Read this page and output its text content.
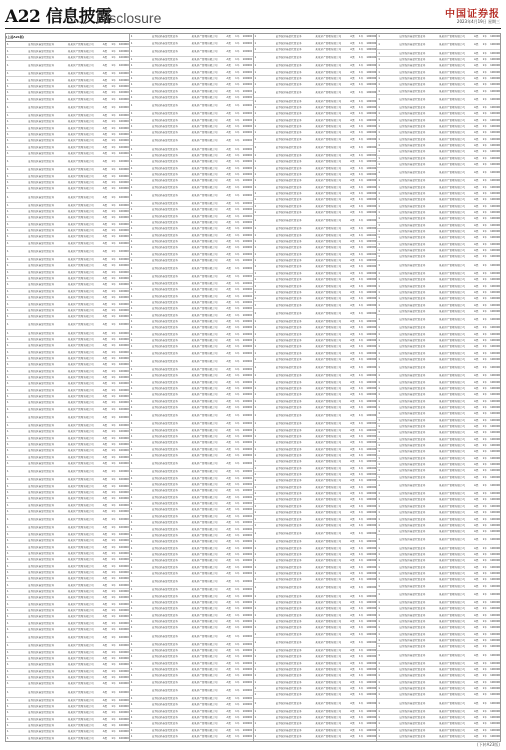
A22 信息披露
Disclosure	中国证券报
2023年4月19日 星期三
(上接A21版)
1	证券投资基金托管业务	某某资产管理有限公司	A类	1年	100000
1	证券投资基金托管业务	某某资产管理有限公司	A类	1年	100000
1	证券投资基金托管业务	某某资产管理有限公司	A类	1年	100000
1	证券投资基金托管业务	某某资产管理有限公司	A类	1年	100000
1	证券投资基金托管业务	某某资产管理有限公司	A类	1年	100000
1	证券投资基金托管业务	某某资产管理有限公司	A类	1年	100000
1	证券投资基金托管业务	某某资产管理有限公司	A类	1年	100000
1	证券投资基金托管业务	某某资产管理有限公司	A类	1年	100000
1	证券投资基金托管业务	某某资产管理有限公司	A类	1年	100000
1	证券投资基金托管业务	某某资产管理有限公司	A类	1年	100000
1	证券投资基金托管业务	某某资产管理有限公司	A类	1年	100000
1	证券投资基金托管业务	某某资产管理有限公司	A类	1年	100000
1	证券投资基金托管业务	某某资产管理有限公司	A类	1年	100000
1	证券投资基金托管业务	某某资产管理有限公司	A类	1年	100000
1	证券投资基金托管业务	某某资产管理有限公司	A类	1年	100000
1	证券投资基金托管业务	某某资产管理有限公司	A类	1年	100000
1	证券投资基金托管业务	某某资产管理有限公司	A类	1年	100000
1	证券投资基金托管业务	某某资产管理有限公司	A类	1年	100000
1	证券投资基金托管业务	某某资产管理有限公司	A类	1年	100000
1	证券投资基金托管业务	某某资产管理有限公司	A类	1年	100000
1	证券投资基金托管业务	某某资产管理有限公司	A类	1年	100000
1	证券投资基金托管业务	某某资产管理有限公司	A类	1年	100000
1	证券投资基金托管业务	某某资产管理有限公司	A类	1年	100000
1	证券投资基金托管业务	某某资产管理有限公司	A类	1年	100000
1	证券投资基金托管业务	某某资产管理有限公司	A类	1年	100000
1	证券投资基金托管业务	某某资产管理有限公司	A类	1年	100000
1	证券投资基金托管业务	某某资产管理有限公司	A类	1年	100000
1	证券投资基金托管业务	某某资产管理有限公司	A类	1年	100000
1	证券投资基金托管业务	某某资产管理有限公司	A类	1年	100000
1	证券投资基金托管业务	某某资产管理有限公司	A类	1年	100000
1	证券投资基金托管业务	某某资产管理有限公司	A类	1年	100000
1	证券投资基金托管业务	某某资产管理有限公司	A类	1年	100000
1	证券投资基金托管业务	某某资产管理有限公司	A类	1年	100000
1	证券投资基金托管业务	某某资产管理有限公司	A类	1年	100000
1	证券投资基金托管业务	某某资产管理有限公司	A类	1年	100000
1	证券投资基金托管业务	某某资产管理有限公司	A类	1年	100000
1	证券投资基金托管业务	某某资产管理有限公司	A类	1年	100000
1	证券投资基金托管业务	某某资产管理有限公司	A类	1年	100000
1	证券投资基金托管业务	某某资产管理有限公司	A类	1年	100000
1	证券投资基金托管业务	某某资产管理有限公司	A类	1年	100000
1	证券投资基金托管业务	某某资产管理有限公司	A类	1年	100000
1	证券投资基金托管业务	某某资产管理有限公司	A类	1年	100000
1	证券投资基金托管业务	某某资产管理有限公司	A类	1年	100000
1	证券投资基金托管业务	某某资产管理有限公司	A类	1年	100000
1	证券投资基金托管业务	某某资产管理有限公司	A类	1年	100000
1	证券投资基金托管业务	某某资产管理有限公司	A类	1年	100000
1	证券投资基金托管业务	某某资产管理有限公司	A类	1年	100000
1	证券投资基金托管业务	某某资产管理有限公司	A类	1年	100000
1	证券投资基金托管业务	某某资产管理有限公司	A类	1年	100000
1	证券投资基金托管业务	某某资产管理有限公司	A类	1年	100000
1	证券投资基金托管业务	某某资产管理有限公司	A类	1年	100000
1	证券投资基金托管业务	某某资产管理有限公司	A类	1年	100000
1	证券投资基金托管业务	某某资产管理有限公司	A类	1年	100000
1	证券投资基金托管业务	某某资产管理有限公司	A类	1年	100000
1	证券投资基金托管业务	某某资产管理有限公司	A类	1年	100000
1	证券投资基金托管业务	某某资产管理有限公司	A类	1年	100000
1	证券投资基金托管业务	某某资产管理有限公司	A类	1年	100000
1	证券投资基金托管业务	某某资产管理有限公司	A类	1年	100000
1	证券投资基金托管业务	某某资产管理有限公司	A类	1年	100000
1	证券投资基金托管业务	某某资产管理有限公司	A类	1年	100000
1	证券投资基金托管业务	某某资产管理有限公司	A类	1年	100000
1	证券投资基金托管业务	某某资产管理有限公司	A类	1年	100000
1	证券投资基金托管业务	某某资产管理有限公司	A类	1年	100000
1	证券投资基金托管业务	某某资产管理有限公司	A类	1年	100000
1	证券投资基金托管业务	某某资产管理有限公司	A类	1年	100000
1	证券投资基金托管业务	某某资产管理有限公司	A类	1年	100000
1	证券投资基金托管业务	某某资产管理有限公司	A类	1年	100000
1	证券投资基金托管业务	某某资产管理有限公司	A类	1年	100000
1	证券投资基金托管业务	某某资产管理有限公司	A类	1年	100000
1	证券投资基金托管业务	某某资产管理有限公司	A类	1年	100000
1	证券投资基金托管业务	某某资产管理有限公司	A类	1年	100000
1	证券投资基金托管业务	某某资产管理有限公司	A类	1年	100000
1	证券投资基金托管业务	某某资产管理有限公司	A类	1年	100000
1	证券投资基金托管业务	某某资产管理有限公司	A类	1年	100000
1	证券投资基金托管业务	某某资产管理有限公司	A类	1年	100000
1	证券投资基金托管业务	某某资产管理有限公司	A类	1年	100000
1	证券投资基金托管业务	某某资产管理有限公司	A类	1年	100000
1	证券投资基金托管业务	某某资产管理有限公司	A类	1年	100000
1	证券投资基金托管业务	某某资产管理有限公司	A类	1年	100000
1	证券投资基金托管业务	某某资产管理有限公司	A类	1年	100000
1	证券投资基金托管业务	某某资产管理有限公司	A类	1年	100000
1	证券投资基金托管业务	某某资产管理有限公司	A类	1年	100000
1	证券投资基金托管业务	某某资产管理有限公司	A类	1年	100000
1	证券投资基金托管业务	某某资产管理有限公司	A类	1年	100000
1	证券投资基金托管业务	某某资产管理有限公司	A类	1年	100000
1	证券投资基金托管业务	某某资产管理有限公司	A类	1年	100000
1	证券投资基金托管业务	某某资产管理有限公司	A类	1年	100000
1	证券投资基金托管业务	某某资产管理有限公司	A类	1年	100000
1	证券投资基金托管业务	某某资产管理有限公司	A类	1年	100000
1	证券投资基金托管业务	某某资产管理有限公司	A类	1年	100000
1	证券投资基金托管业务	某某资产管理有限公司	A类	1年	100000
1	证券投资基金托管业务	某某资产管理有限公司	A类	1年	100000
1	证券投资基金托管业务	某某资产管理有限公司	A类	1年	100000
1	证券投资基金托管业务	某某资产管理有限公司	A类	1年	100000
1	证券投资基金托管业务	某某资产管理有限公司	A类	1年	100000
1	证券投资基金托管业务	某某资产管理有限公司	A类	1年	100000
1	证券投资基金托管业务	某某资产管理有限公司	A类	1年	100000
1	证券投资基金托管业务	某某资产管理有限公司	A类	1年	100000
1	证券投资基金托管业务	某某资产管理有限公司	A类	1年	100000
1	证券投资基金托管业务	某某资产管理有限公司	A类	1年	100000
1	证券投资基金托管业务	某某资产管理有限公司	A类	1年	100000
1	证券投资基金托管业务	某某资产管理有限公司	A类	1年	100000
1	证券投资基金托管业务	某某资产管理有限公司	A类	1年	100000
1	证券投资基金托管业务	某某资产管理有限公司	A类	1年	100000
1	证券投资基金托管业务	某某资产管理有限公司	A类	1年	100000
1	证券投资基金托管业务	某某资产管理有限公司	A类	1年	100000
1	证券投资基金托管业务	某某资产管理有限公司	A类	1年	100000
1	证券投资基金托管业务	某某资产管理有限公司	A类	1年	100000
1	证券投资基金托管业务	某某资产管理有限公司	A类	1年	100000
1	证券投资基金托管业务	某某资产管理有限公司	A类	1年	100000
1	证券投资基金托管业务	某某资产管理有限公司	A类	1年	100000
1	证券投资基金托管业务	某某资产管理有限公司	A类	1年	100000
1	证券投资基金托管业务	某某资产管理有限公司	A类	1年	100000
1	证券投资基金托管业务	某某资产管理有限公司	A类	1年	100000
1	证券投资基金托管业务	某某资产管理有限公司	A类	1年	100000
1	证券投资基金托管业务	某某资产管理有限公司	A类	1年	100000
1	证券投资基金托管业务	某某资产管理有限公司	A类	1年	100000
1	证券投资基金托管业务	某某资产管理有限公司	A类	1年	100000
1	证券投资基金托管业务	某某资产管理有限公司	A类	1年	100000
1	证券投资基金托管业务	某某资产管理有限公司	A类	1年	100000
1	证券投资基金托管业务	某某资产管理有限公司	A类	1年	100000
1	证券投资基金托管业务	某某资产管理有限公司	A类	1年	100000
1	证券投资基金托管业务	某某资产管理有限公司	A类	1年	100000
1	证券投资基金托管业务	某某资产管理有限公司	A类	1年	100000
1	证券投资基金托管业务	某某资产管理有限公司	A类	1年	100000
1	证券投资基金托管业务	某某资产管理有限公司	A类	1年	100000
1	证券投资基金托管业务	某某资产管理有限公司	A类	1年	100000
1	证券投资基金托管业务	某某资产管理有限公司	A类	1年	100000
1	证券投资基金托管业务	某某资产管理有限公司	A类	1年	100000
1	证券投资基金托管业务	某某资产管理有限公司	A类	1年	100000
1	证券投资基金托管业务	某某资产管理有限公司	A类	1年	100000
1	证券投资基金托管业务	某某资产管理有限公司	A类	1年	100000
1	证券投资基金托管业务	某某资产管理有限公司	A类	1年	100000
1	证券投资基金托管业务	某某资产管理有限公司	A类	1年	100000
1	证券投资基金托管业务	某某资产管理有限公司	A类	1年	100000
1	证券投资基金托管业务	某某资产管理有限公司	A类	1年	100000
1	证券投资基金托管业务	某某资产管理有限公司	A类	1年	100000
1	证券投资基金托管业务	某某资产管理有限公司	A类	1年	100000
1	证券投资基金托管业务	某某资产管理有限公司	A类	1年	100000
1	证券投资基金托管业务	某某资产管理有限公司	A类	1年	100000
1	证券投资基金托管业务	某某资产管理有限公司	A类	1年	100000
1	证券投资基金托管业务	某某资产管理有限公司	A类	1年	100000
1	证券投资基金托管业务	某某资产管理有限公司	A类	1年	100000
1	证券投资基金托管业务	某某资产管理有限公司	A类	1年	100000
1	证券投资基金托管业务	某某资产管理有限公司	A类	1年	100000
1	证券投资基金托管业务	某某资产管理有限公司	A类	1年	100000
1	证券投资基金托管业务	某某资产管理有限公司	A类	1年	100000
1	证券投资基金托管业务	某某资产管理有限公司	A类	1年	100000
1	证券投资基金托管业务	某某资产管理有限公司	A类	1年	100000
1	证券投资基金托管业务	某某资产管理有限公司	A类	1年	100000
1	证券投资基金托管业务	某某资产管理有限公司	A类	1年	100000
1	证券投资基金托管业务	某某资产管理有限公司	A类	1年	100000
1	证券投资基金托管业务	某某资产管理有限公司	A类	1年	100000
1	证券投资基金托管业务	某某资产管理有限公司	A类	1年	100000
1	证券投资基金托管业务	某某资产管理有限公司	A类	1年	100000
1	证券投资基金托管业务	某某资产管理有限公司	A类	1年	100000
1	证券投资基金托管业务	某某资产管理有限公司	A类	1年	100000
1	证券投资基金托管业务	某某资产管理有限公司	A类	1年	100000
1	证券投资基金托管业务	某某资产管理有限公司	A类	1年	100000
1	证券投资基金托管业务	某某资产管理有限公司	A类	1年	100000
1	证券投资基金托管业务	某某资产管理有限公司	A类	1年	100000
1	证券投资基金托管业务	某某资产管理有限公司	A类	1年	100000
1	证券投资基金托管业务	某某资产管理有限公司	A类	1年	100000
1	证券投资基金托管业务	某某资产管理有限公司	A类	1年	100000
1	证券投资基金托管业务	某某资产管理有限公司	A类	1年	100000
1	证券投资基金托管业务	某某资产管理有限公司	A类	1年	100000
1	证券投资基金托管业务	某某资产管理有限公司	A类	1年	100000
1	证券投资基金托管业务	某某资产管理有限公司	A类	1年	100000
1	证券投资基金托管业务	某某资产管理有限公司	A类	1年	100000
1	证券投资基金托管业务	某某资产管理有限公司	A类	1年	100000
1	证券投资基金托管业务	某某资产管理有限公司	A类	1年	100000
1	证券投资基金托管业务	某某资产管理有限公司	A类	1年	100000
1	证券投资基金托管业务	某某资产管理有限公司	A类	1年	100000
1	证券投资基金托管业务	某某资产管理有限公司	A类	1年	100000
1	证券投资基金托管业务	某某资产管理有限公司	A类	1年	100000
1	证券投资基金托管业务	某某资产管理有限公司	A类	1年	100000
1	证券投资基金托管业务	某某资产管理有限公司	A类	1年	100000
1	证券投资基金托管业务	某某资产管理有限公司	A类	1年	100000
1	证券投资基金托管业务	某某资产管理有限公司	A类	1年	100000
1	证券投资基金托管业务	某某资产管理有限公司	A类	1年	100000
1	证券投资基金托管业务	某某资产管理有限公司	A类	1年	100000
1	证券投资基金托管业务	某某资产管理有限公司	A类	1年	100000
1	证券投资基金托管业务	某某资产管理有限公司	A类	1年	100000
1	证券投资基金托管业务	某某资产管理有限公司	A类	1年	100000
1	证券投资基金托管业务	某某资产管理有限公司	A类	1年	100000
1	证券投资基金托管业务	某某资产管理有限公司	A类	1年	100000
1	证券投资基金托管业务	某某资产管理有限公司	A类	1年	100000
1	证券投资基金托管业务	某某资产管理有限公司	A类	1年	100000
1	证券投资基金托管业务	某某资产管理有限公司	A类	1年	100000
1	证券投资基金托管业务	某某资产管理有限公司	A类	1年	100000
1	证券投资基金托管业务	某某资产管理有限公司	A类	1年	100000
1	证券投资基金托管业务	某某资产管理有限公司	A类	1年	100000
1	证券投资基金托管业务	某某资产管理有限公司	A类	1年	100000
1	证券投资基金托管业务	某某资产管理有限公司	A类	1年	100000
1	证券投资基金托管业务	某某资产管理有限公司	A类	1年	100000
1	证券投资基金托管业务	某某资产管理有限公司	A类	1年	100000
1	证券投资基金托管业务	某某资产管理有限公司	A类	1年	100000
1	证券投资基金托管业务	某某资产管理有限公司	A类	1年	100000
1	证券投资基金托管业务	某某资产管理有限公司	A类	1年	100000
1	证券投资基金托管业务	某某资产管理有限公司	A类	1年	100000
1	证券投资基金托管业务	某某资产管理有限公司	A类	1年	100000
1	证券投资基金托管业务	某某资产管理有限公司	A类	1年	100000
1	证券投资基金托管业务	某某资产管理有限公司	A类	1年	100000
1	证券投资基金托管业务	某某资产管理有限公司	A类	1年	100000
1	证券投资基金托管业务	某某资产管理有限公司	A类	1年	100000
1	证券投资基金托管业务	某某资产管理有限公司	A类	1年	100000
1	证券投资基金托管业务	某某资产管理有限公司	A类	1年	100000
1	证券投资基金托管业务	某某资产管理有限公司	A类	1年	100000
1	证券投资基金托管业务	某某资产管理有限公司	A类	1年	100000
1	证券投资基金托管业务	某某资产管理有限公司	A类	1年	100000
1	证券投资基金托管业务	某某资产管理有限公司	A类	1年	100000
1	证券投资基金托管业务	某某资产管理有限公司	A类	1年	100000
1	证券投资基金托管业务	某某资产管理有限公司	A类	1年	100000
1	证券投资基金托管业务	某某资产管理有限公司	A类	1年	100000
1	证券投资基金托管业务	某某资产管理有限公司	A类	1年	100000
1	证券投资基金托管业务	某某资产管理有限公司	A类	1年	100000
1	证券投资基金托管业务	某某资产管理有限公司	A类	1年	100000
1	证券投资基金托管业务	某某资产管理有限公司	A类	1年	100000
1	证券投资基金托管业务	某某资产管理有限公司	A类	1年	100000
1	证券投资基金托管业务	某某资产管理有限公司	A类	1年	100000
1	证券投资基金托管业务	某某资产管理有限公司	A类	1年	100000
1	证券投资基金托管业务	某某资产管理有限公司	A类	1年	100000
1	证券投资基金托管业务	某某资产管理有限公司	A类	1年	100000
1	证券投资基金托管业务	某某资产管理有限公司	A类	1年	100000
1	证券投资基金托管业务	某某资产管理有限公司	A类	1年	100000
1	证券投资基金托管业务	某某资产管理有限公司	A类	1年	100000
1	证券投资基金托管业务	某某资产管理有限公司	A类	1年	100000
1	证券投资基金托管业务	某某资产管理有限公司	A类	1年	100000
1	证券投资基金托管业务	某某资产管理有限公司	A类	1年	100000
1	证券投资基金托管业务	某某资产管理有限公司	A类	1年	100000
1	证券投资基金托管业务	某某资产管理有限公司	A类	1年	100000
1	证券投资基金托管业务	某某资产管理有限公司	A类	1年	100000
1	证券投资基金托管业务	某某资产管理有限公司	A类	1年	100000
1	证券投资基金托管业务	某某资产管理有限公司	A类	1年	100000
1	证券投资基金托管业务	某某资产管理有限公司	A类	1年	100000
1	证券投资基金托管业务	某某资产管理有限公司	A类	1年	100000
1	证券投资基金托管业务	某某资产管理有限公司	A类	1年	100000
1	证券投资基金托管业务	某某资产管理有限公司	A类	1年	100000
1	证券投资基金托管业务	某某资产管理有限公司	A类	1年	100000
1	证券投资基金托管业务	某某资产管理有限公司	A类	1年	100000
1	证券投资基金托管业务	某某资产管理有限公司	A类	1年	100000
1	证券投资基金托管业务	某某资产管理有限公司	A类	1年	100000
1	证券投资基金托管业务	某某资产管理有限公司	A类	1年	100000
1	证券投资基金托管业务	某某资产管理有限公司	A类	1年	100000
1	证券投资基金托管业务	某某资产管理有限公司	A类	1年	100000
1	证券投资基金托管业务	某某资产管理有限公司	A类	1年	100000
1	证券投资基金托管业务	某某资产管理有限公司	A类	1年	100000
1	证券投资基金托管业务	某某资产管理有限公司	A类	1年	100000
1	证券投资基金托管业务	某某资产管理有限公司	A类	1年	100000
1	证券投资基金托管业务	某某资产管理有限公司	A类	1年	100000
1	证券投资基金托管业务	某某资产管理有限公司	A类	1年	100000
1	证券投资基金托管业务	某某资产管理有限公司	A类	1年	100000
1	证券投资基金托管业务	某某资产管理有限公司	A类	1年	100000
1	证券投资基金托管业务	某某资产管理有限公司	A类	1年	100000
1	证券投资基金托管业务	某某资产管理有限公司	A类	1年	100000
1	证券投资基金托管业务	某某资产管理有限公司	A类	1年	100000
1	证券投资基金托管业务	某某资产管理有限公司	A类	1年	100000
1	证券投资基金托管业务	某某资产管理有限公司	A类	1年	100000
1	证券投资基金托管业务	某某资产管理有限公司	A类	1年	100000
1	证券投资基金托管业务	某某资产管理有限公司	A类	1年	100000
1	证券投资基金托管业务	某某资产管理有限公司	A类	1年	100000
1	证券投资基金托管业务	某某资产管理有限公司	A类	1年	100000
1	证券投资基金托管业务	某某资产管理有限公司	A类	1年	100000
1	证券投资基金托管业务	某某资产管理有限公司	A类	1年	100000
1	证券投资基金托管业务	某某资产管理有限公司	A类	1年	100000
1	证券投资基金托管业务	某某资产管理有限公司	A类	1年	100000
1	证券投资基金托管业务	某某资产管理有限公司	A类	1年	100000
1	证券投资基金托管业务	某某资产管理有限公司	A类	1年	100000
1	证券投资基金托管业务	某某资产管理有限公司	A类	1年	100000
1	证券投资基金托管业务	某某资产管理有限公司	A类	1年	100000
1	证券投资基金托管业务	某某资产管理有限公司	A类	1年	100000
1	证券投资基金托管业务	某某资产管理有限公司	A类	1年	100000
1	证券投资基金托管业务	某某资产管理有限公司	A类	1年	100000
1	证券投资基金托管业务	某某资产管理有限公司	A类	1年	100000
1	证券投资基金托管业务	某某资产管理有限公司	A类	1年	100000
1	证券投资基金托管业务	某某资产管理有限公司	A类	1年	100000
1	证券投资基金托管业务	某某资产管理有限公司	A类	1年	100000
1	证券投资基金托管业务	某某资产管理有限公司	A类	1年	100000
1	证券投资基金托管业务	某某资产管理有限公司	A类	1年	100000
1	证券投资基金托管业务	某某资产管理有限公司	A类	1年	100000
1	证券投资基金托管业务	某某资产管理有限公司	A类	1年	100000
1	证券投资基金托管业务	某某资产管理有限公司	A类	1年	100000
1	证券投资基金托管业务	某某资产管理有限公司	A类	1年	100000
1	证券投资基金托管业务	某某资产管理有限公司	A类	1年	100000
1	证券投资基金托管业务	某某资产管理有限公司	A类	1年	100000
1	证券投资基金托管业务	某某资产管理有限公司	A类	1年	100000
1	证券投资基金托管业务	某某资产管理有限公司	A类	1年	100000
1	证券投资基金托管业务	某某资产管理有限公司	A类	1年	100000
1	证券投资基金托管业务	某某资产管理有限公司	A类	1年	100000
1	证券投资基金托管业务	某某资产管理有限公司	A类	1年	100000
1	证券投资基金托管业务	某某资产管理有限公司	A类	1年	100000
1	证券投资基金托管业务	某某资产管理有限公司	A类	1年	100000
1	证券投资基金托管业务	某某资产管理有限公司	A类	1年	100000
1	证券投资基金托管业务	某某资产管理有限公司	A类	1年	100000
1	证券投资基金托管业务	某某资产管理有限公司	A类	1年	100000
1	证券投资基金托管业务	某某资产管理有限公司	A类	1年	100000
1	证券投资基金托管业务	某某资产管理有限公司	A类	1年	100000
1	证券投资基金托管业务	某某资产管理有限公司	A类	1年	100000
1	证券投资基金托管业务	某某资产管理有限公司	A类	1年	100000
1	证券投资基金托管业务	某某资产管理有限公司	A类	1年	100000
1	证券投资基金托管业务	某某资产管理有限公司	A类	1年	100000
1	证券投资基金托管业务	某某资产管理有限公司	A类	1年	100000
1	证券投资基金托管业务	某某资产管理有限公司	A类	1年	100000
1	证券投资基金托管业务	某某资产管理有限公司	A类	1年	100000
1	证券投资基金托管业务	某某资产管理有限公司	A类	1年	100000
1	证券投资基金托管业务	某某资产管理有限公司	A类	1年	100000
1	证券投资基金托管业务	某某资产管理有限公司	A类	1年	100000
1	证券投资基金托管业务	某某资产管理有限公司	A类	1年	100000
1	证券投资基金托管业务	某某资产管理有限公司	A类	1年	100000
1	证券投资基金托管业务	某某资产管理有限公司	A类	1年	100000
1	证券投资基金托管业务	某某资产管理有限公司	A类	1年	100000
1	证券投资基金托管业务	某某资产管理有限公司	A类	1年	100000
1	证券投资基金托管业务	某某资产管理有限公司	A类	1年	100000
1	证券投资基金托管业务	某某资产管理有限公司	A类	1年	100000
1	证券投资基金托管业务	某某资产管理有限公司	A类	1年	100000
1	证券投资基金托管业务	某某资产管理有限公司	A类	1年	100000
1	证券投资基金托管业务	某某资产管理有限公司	A类	1年	100000
1	证券投资基金托管业务	某某资产管理有限公司	A类	1年	100000
1	证券投资基金托管业务	某某资产管理有限公司	A类	1年	100000
1	证券投资基金托管业务	某某资产管理有限公司	A类	1年	100000
1	证券投资基金托管业务	某某资产管理有限公司	A类	1年	100000
1	证券投资基金托管业务	某某资产管理有限公司	A类	1年	100000
1	证券投资基金托管业务	某某资产管理有限公司	A类	1年	100000
1	证券投资基金托管业务	某某资产管理有限公司	A类	1年	100000
1	证券投资基金托管业务	某某资产管理有限公司	A类	1年	100000
1	证券投资基金托管业务	某某资产管理有限公司	A类	1年	100000
1	证券投资基金托管业务	某某资产管理有限公司	A类	1年	100000
1	证券投资基金托管业务	某某资产管理有限公司	A类	1年	100000
1	证券投资基金托管业务	某某资产管理有限公司	A类	1年	100000
1	证券投资基金托管业务	某某资产管理有限公司	A类	1年	100000
1	证券投资基金托管业务	某某资产管理有限公司	A类	1年	100000
1	证券投资基金托管业务	某某资产管理有限公司	A类	1年	100000
1	证券投资基金托管业务	某某资产管理有限公司	A类	1年	100000
1	证券投资基金托管业务	某某资产管理有限公司	A类	1年	100000
1	证券投资基金托管业务	某某资产管理有限公司	A类	1年	100000
1	证券投资基金托管业务	某某资产管理有限公司	A类	1年	100000
1	证券投资基金托管业务	某某资产管理有限公司	A类	1年	100000
1	证券投资基金托管业务	某某资产管理有限公司	A类	1年	100000
1	证券投资基金托管业务	某某资产管理有限公司	A类	1年	100000
1	证券投资基金托管业务	某某资产管理有限公司	A类	1年	100000
1	证券投资基金托管业务	某某资产管理有限公司	A类	1年	100000
1	证券投资基金托管业务	某某资产管理有限公司	A类	1年	100000
1	证券投资基金托管业务	某某资产管理有限公司	A类	1年	100000
1	证券投资基金托管业务	某某资产管理有限公司	A类	1年	100000
1	证券投资基金托管业务	某某资产管理有限公司	A类	1年	100000
1	证券投资基金托管业务	某某资产管理有限公司	A类	1年	100000
1	证券投资基金托管业务	某某资产管理有限公司	A类	1年	100000
1	证券投资基金托管业务	某某资产管理有限公司	A类	1年	100000
1	证券投资基金托管业务	某某资产管理有限公司	A类	1年	100000
1	证券投资基金托管业务	某某资产管理有限公司	A类	1年	100000
1	证券投资基金托管业务	某某资产管理有限公司	A类	1年	100000
1	证券投资基金托管业务	某某资产管理有限公司	A类	1年	100000
1	证券投资基金托管业务	某某资产管理有限公司	A类	1年	100000
1	证券投资基金托管业务	某某资产管理有限公司	A类	1年	100000
1	证券投资基金托管业务	某某资产管理有限公司	A类	1年	100000
1	证券投资基金托管业务	某某资产管理有限公司	A类	1年	100000
1	证券投资基金托管业务	某某资产管理有限公司	A类	1年	100000
1	证券投资基金托管业务	某某资产管理有限公司	A类	1年	100000
1	证券投资基金托管业务	某某资产管理有限公司	A类	1年	100000
1	证券投资基金托管业务	某某资产管理有限公司	A类	1年	100000
1	证券投资基金托管业务	某某资产管理有限公司	A类	1年	100000
1	证券投资基金托管业务	某某资产管理有限公司	A类	1年	100000
1	证券投资基金托管业务	某某资产管理有限公司	A类	1年	100000
1	证券投资基金托管业务	某某资产管理有限公司	A类	1年	100000
1	证券投资基金托管业务	某某资产管理有限公司	A类	1年	100000
1	证券投资基金托管业务	某某资产管理有限公司	A类	1年	100000
1	证券投资基金托管业务	某某资产管理有限公司	A类	1年	100000
1	证券投资基金托管业务	某某资产管理有限公司	A类	1年	100000
1	证券投资基金托管业务	某某资产管理有限公司	A类	1年	100000
1	证券投资基金托管业务	某某资产管理有限公司	A类	1年	100000
1	证券投资基金托管业务	某某资产管理有限公司	A类	1年	100000
1	证券投资基金托管业务	某某资产管理有限公司	A类	1年	100000
1	证券投资基金托管业务	某某资产管理有限公司	A类	1年	100000
1	证券投资基金托管业务	某某资产管理有限公司	A类	1年	100000
1	证券投资基金托管业务	某某资产管理有限公司	A类	1年	100000
1	证券投资基金托管业务	某某资产管理有限公司	A类	1年	100000
1	证券投资基金托管业务	某某资产管理有限公司	A类	1年	100000
1	证券投资基金托管业务	某某资产管理有限公司	A类	1年	100000
1	证券投资基金托管业务	某某资产管理有限公司	A类	1年	100000
1	证券投资基金托管业务	某某资产管理有限公司	A类	1年	100000
1	证券投资基金托管业务	某某资产管理有限公司	A类	1年	100000
1	证券投资基金托管业务	某某资产管理有限公司	A类	1年	100000
1	证券投资基金托管业务	某某资产管理有限公司	A类	1年	100000
1	证券投资基金托管业务	某某资产管理有限公司	A类	1年	100000
1	证券投资基金托管业务	某某资产管理有限公司	A类	1年	100000
1	证券投资基金托管业务	某某资产管理有限公司	A类	1年	100000
1	证券投资基金托管业务	某某资产管理有限公司	A类	1年	100000
1	证券投资基金托管业务	某某资产管理有限公司	A类	1年	100000
1	证券投资基金托管业务	某某资产管理有限公司	A类	1年	100000
1	证券投资基金托管业务	某某资产管理有限公司	A类	1年	100000
1	证券投资基金托管业务	某某资产管理有限公司	A类	1年	100000
1	证券投资基金托管业务	某某资产管理有限公司	A类	1年	100000
1	证券投资基金托管业务	某某资产管理有限公司	A类	1年	100000
1	证券投资基金托管业务	某某资产管理有限公司	A类	1年	100000
1	证券投资基金托管业务	某某资产管理有限公司	A类	1年	100000
1	证券投资基金托管业务	某某资产管理有限公司	A类	1年	100000
1	证券投资基金托管业务	某某资产管理有限公司	A类	1年	100000
1	证券投资基金托管业务	某某资产管理有限公司	A类	1年	100000
1	证券投资基金托管业务	某某资产管理有限公司	A类	1年	100000
1	证券投资基金托管业务	某某资产管理有限公司	A类	1年	100000
1	证券投资基金托管业务	某某资产管理有限公司	A类	1年	100000
1	证券投资基金托管业务	某某资产管理有限公司	A类	1年	100000
1	证券投资基金托管业务	某某资产管理有限公司	A类	1年	100000
1	证券投资基金托管业务	某某资产管理有限公司	A类	1年	100000
1	证券投资基金托管业务	某某资产管理有限公司	A类	1年	100000
1	证券投资基金托管业务	某某资产管理有限公司	A类	1年	100000
1	证券投资基金托管业务	某某资产管理有限公司	A类	1年	100000
1	证券投资基金托管业务	某某资产管理有限公司	A类	1年	100000
1	证券投资基金托管业务	某某资产管理有限公司	A类	1年	100000
1	证券投资基金托管业务	某某资产管理有限公司	A类	1年	100000
1	证券投资基金托管业务	某某资产管理有限公司	A类	1年	100000
1	证券投资基金托管业务	某某资产管理有限公司	A类	1年	100000
1	证券投资基金托管业务	某某资产管理有限公司	A类	1年	100000
1	证券投资基金托管业务	某某资产管理有限公司	A类	1年	100000
1	证券投资基金托管业务	某某资产管理有限公司	A类	1年	100000
1	证券投资基金托管业务	某某资产管理有限公司	A类	1年	100000
1	证券投资基金托管业务	某某资产管理有限公司	A类	1年	100000
1	证券投资基金托管业务	某某资产管理有限公司	A类	1年	100000
1	证券投资基金托管业务	某某资产管理有限公司	A类	1年	100000
(下转A23版)
